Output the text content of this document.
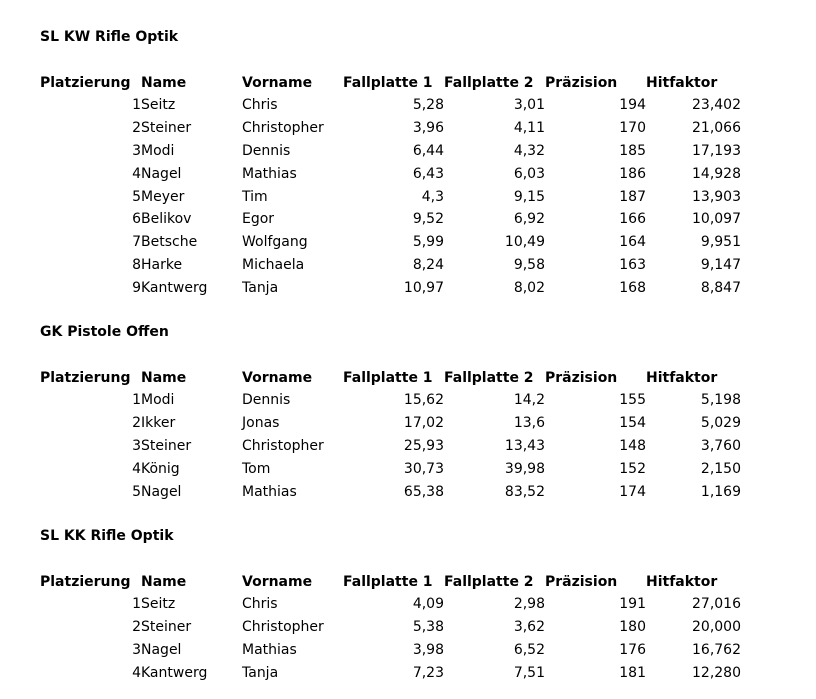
SL KW Rifle Optik
Platzierung	Name	Vorname	Fallplatte 1	Fallplatte 2	Präzision	Hitfaktor
1	Seitz	Chris	5,28	3,01	194	23,402
2	Steiner	Christopher	3,96	4,11	170	21,066
3	Modi	Dennis	6,44	4,32	185	17,193
4	Nagel	Mathias	6,43	6,03	186	14,928
5	Meyer	Tim	4,3	9,15	187	13,903
6	Belikov	Egor	9,52	6,92	166	10,097
7	Betsche	Wolfgang	5,99	10,49	164	9,951
8	Harke	Michaela	8,24	9,58	163	9,147
9	Kantwerg	Tanja	10,97	8,02	168	8,847
GK Pistole Offen
Platzierung	Name	Vorname	Fallplatte 1	Fallplatte 2	Präzision	Hitfaktor
1	Modi	Dennis	15,62	14,2	155	5,198
2	Ikker	Jonas	17,02	13,6	154	5,029
3	Steiner	Christopher	25,93	13,43	148	3,760
4	König	Tom	30,73	39,98	152	2,150
5	Nagel	Mathias	65,38	83,52	174	1,169
SL KK Rifle Optik
Platzierung	Name	Vorname	Fallplatte 1	Fallplatte 2	Präzision	Hitfaktor
1	Seitz	Chris	4,09	2,98	191	27,016
2	Steiner	Christopher	5,38	3,62	180	20,000
3	Nagel	Mathias	3,98	6,52	176	16,762
4	Kantwerg	Tanja	7,23	7,51	181	12,280
